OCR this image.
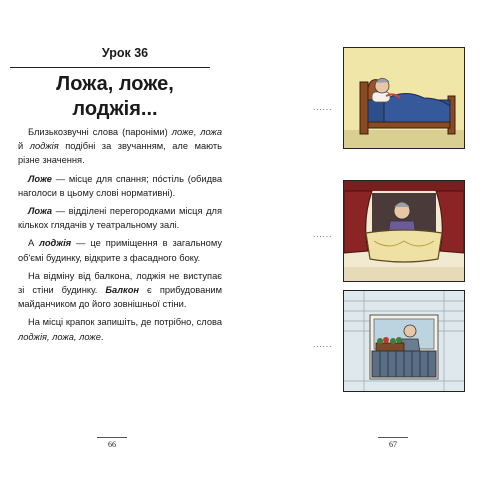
Урок 36
Ложа, ложе,
лоджія...

Близькозвучні слова (пароніми) ложе, ложа й лоджія подібні за звучанням, але мають різне значення.

Ложе — місце для спання; пóстіль (обидва наголоси в цьому слові нормативні).

Ложа — відділені перегородками місця для кількох глядачів у театральному залі.

А лоджія — це приміщення в загальному об'ємі будинку, відкрите з фасадного боку.

На відміну від балкона, лоджія не виступає зі стіни будинку. Балкон є прибудованим майданчиком до його зовнішньої стіни.

На місці крапок запишіть, де потрібно, слова лоджія, ложа, ложе.

66	67
......
......
......
